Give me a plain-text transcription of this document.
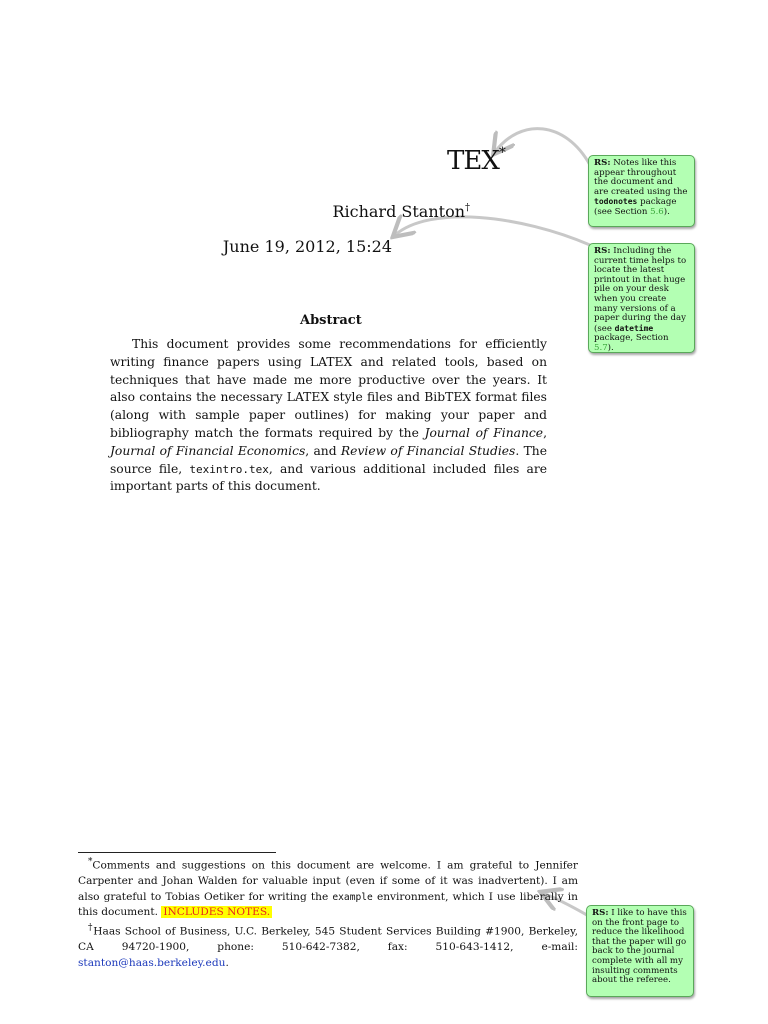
TEX*
Richard Stanton†
June 19, 2012, 15:24
Abstract

This document provides some recommendations for efficiently writing finance papers using LATEX and related tools, based on techniques that have made me more productive over the years. It also contains the necessary LATEX style files and BibTEX format files (along with sample paper outlines) for making your paper and bibliography match the formats required by the Journal of Finance, Journal of Financial Economics, and Review of Financial Studies. The source file, texintro.tex, and various additional included files are important parts of this document.

*Comments and suggestions on this document are welcome. I am grateful to Jennifer Carpenter and Johan Walden for valuable input (even if some of it was inadvertent). I am also grateful to Tobias Oetiker for writing the example environment, which I use liberally in this document. INCLUDES NOTES.

†Haas School of Business, U.C. Berkeley, 545 Student Services Building #1900, Berkeley, CA 94720-1900, phone: 510-642-7382, fax: 510-643-1412, e-mail: stanton@haas.berkeley.edu.

RS: Notes like this appear throughout the document and are created using the todonotes package (see Section 5.6).
RS: Including the current time helps to locate the latest printout in that huge pile on your desk when you create many versions of a paper during the day (see datetime package, Section 5.7).
RS: I like to have this on the front page to reduce the likelihood that the paper will go back to the journal complete with all my insulting comments about the referee.
